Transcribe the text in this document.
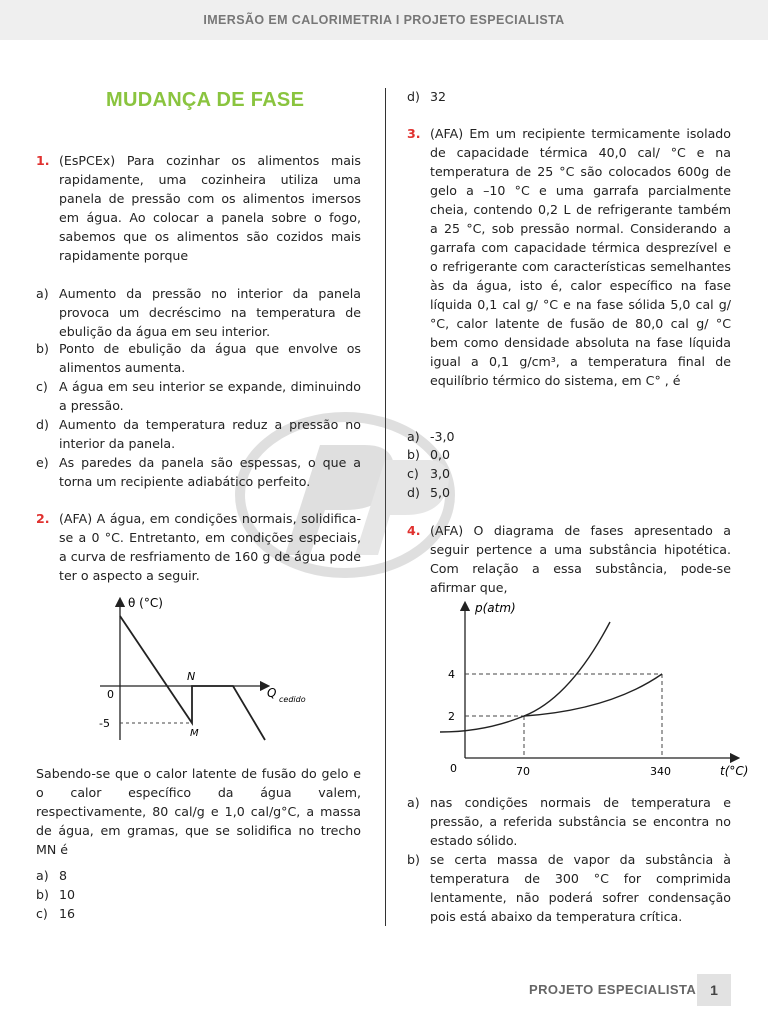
IMERSÃO EM CALORIMETRIA I PROJETO ESPECIALISTA
MUDANÇA DE FASE
1. (EsPCEx) Para cozinhar os alimentos mais rapidamente, uma cozinheira utiliza uma panela de pressão com os alimentos imersos em água. Ao colocar a panela sobre o fogo, sabemos que os alimentos são cozidos mais rapidamente porque
a) Aumento da pressão no interior da panela provoca um decréscimo na temperatura de ebulição da água em seu interior.
b) Ponto de ebulição da água que envolve os alimentos aumenta.
c) A água em seu interior se expande, diminuindo a pressão.
d) Aumento da temperatura reduz a pressão no interior da panela.
e) As paredes da panela são espessas, o que a torna um recipiente adiabático perfeito.
2. (AFA) A água, em condições normais, solidifica-se a 0 °C. Entretanto, em condições especiais, a curva de resfriamento de 160 g de água pode ter o aspecto a seguir.
θ (°C)
Q cedido
0
-5
N
M
Sabendo-se que o calor latente de fusão do gelo e o calor específico da água valem, respectivamente, 80 cal/g e 1,0 cal/g°C, a massa de água, em gramas, que se solidifica no trecho MN é
a) 8
b) 10
c) 16
d) 32
3. (AFA) Em um recipiente termicamente isolado de capacidade térmica 40,0 cal/ °C e na temperatura de 25 °C são colocados 600g de gelo a –10 °C e uma garrafa parcialmente cheia, contendo 0,2 L de refrigerante também a 25 °C, sob pressão normal. Considerando a garrafa com capacidade térmica desprezível e o refrigerante com características semelhantes às da água, isto é, calor específico na fase líquida 0,1 cal g/ °C e na fase sólida 5,0 cal g/°C, calor latente de fusão de 80,0 cal g/ °C bem como densidade absoluta na fase líquida igual a 0,1 g/cm³, a temperatura final de equilíbrio térmico do sistema, em C° , é
a) -3,0
b) 0,0
c) 3,0
d) 5,0
4. (AFA) O diagrama de fases apresentado a seguir pertence a uma substância hipotética. Com relação a essa substância, pode-se afirmar que,
p(atm)
t(°C)
4
2
0	70	340
a) nas condições normais de temperatura e pressão, a referida substância se encontra no estado sólido.
b) se certa massa de vapor da substância à temperatura de 300 °C for comprimida lentamente, não poderá sofrer condensação pois está abaixo da temperatura crítica.
PROJETO ESPECIALISTA 1
